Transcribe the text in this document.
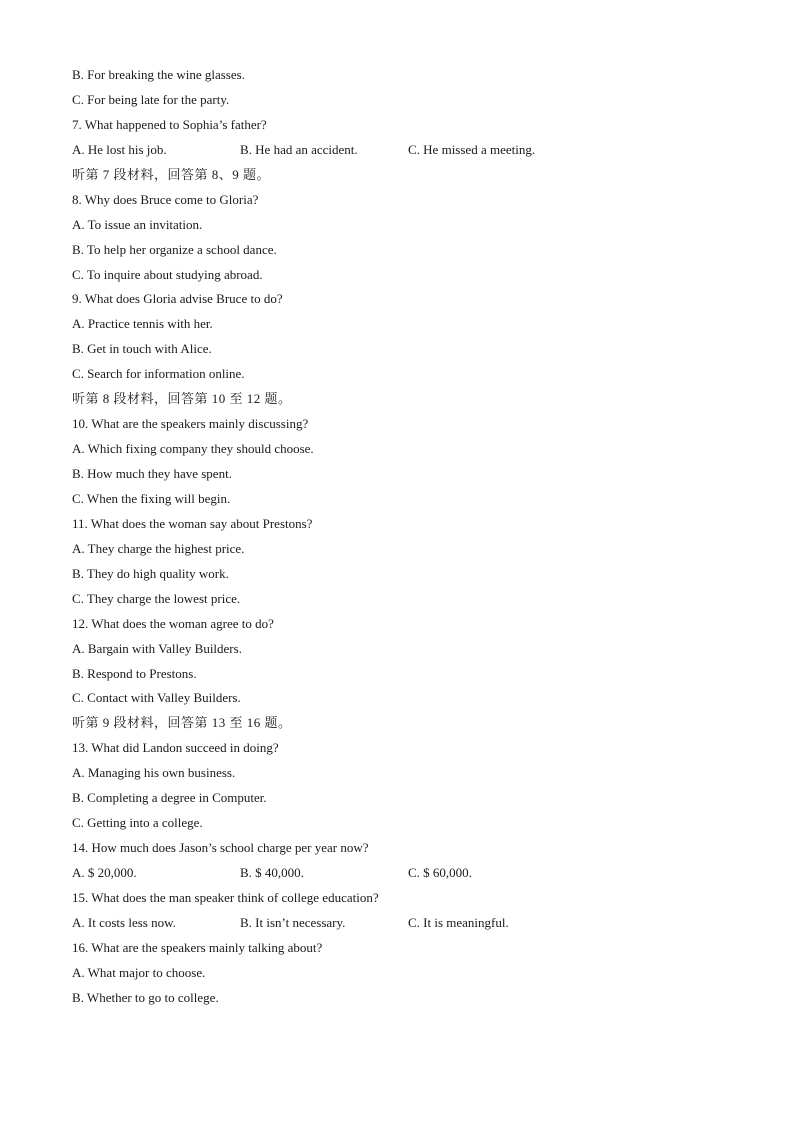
B. For breaking the wine glasses.
C. For being late for the party.
7. What happened to Sophia’s father?
A. He lost his job.	B. He had an accident.	C. He missed a meeting.
听第 7 段材料，回答第 8、9 题。
8. Why does Bruce come to Gloria?
A. To issue an invitation.
B. To help her organize a school dance.
C. To inquire about studying abroad.
9. What does Gloria advise Bruce to do?
A. Practice tennis with her.
B. Get in touch with Alice.
C. Search for information online.
听第 8 段材料，回答第 10 至 12 题。
10. What are the speakers mainly discussing?
A. Which fixing company they should choose.
B. How much they have spent.
C. When the fixing will begin.
11. What does the woman say about Prestons?
A. They charge the highest price.
B. They do high quality work.
C. They charge the lowest price.
12. What does the woman agree to do?
A. Bargain with Valley Builders.
B. Respond to Prestons.
C. Contact with Valley Builders.
听第 9 段材料，回答第 13 至 16 题。
13. What did Landon succeed in doing?
A. Managing his own business.
B. Completing a degree in Computer.
C. Getting into a college.
14. How much does Jason’s school charge per year now?
A. $ 20,000.	B. $ 40,000.	C. $ 60,000.
15. What does the man speaker think of college education?
A. It costs less now.	B. It isn’t necessary.	C. It is meaningful.
16. What are the speakers mainly talking about?
A. What major to choose.
B. Whether to go to college.
